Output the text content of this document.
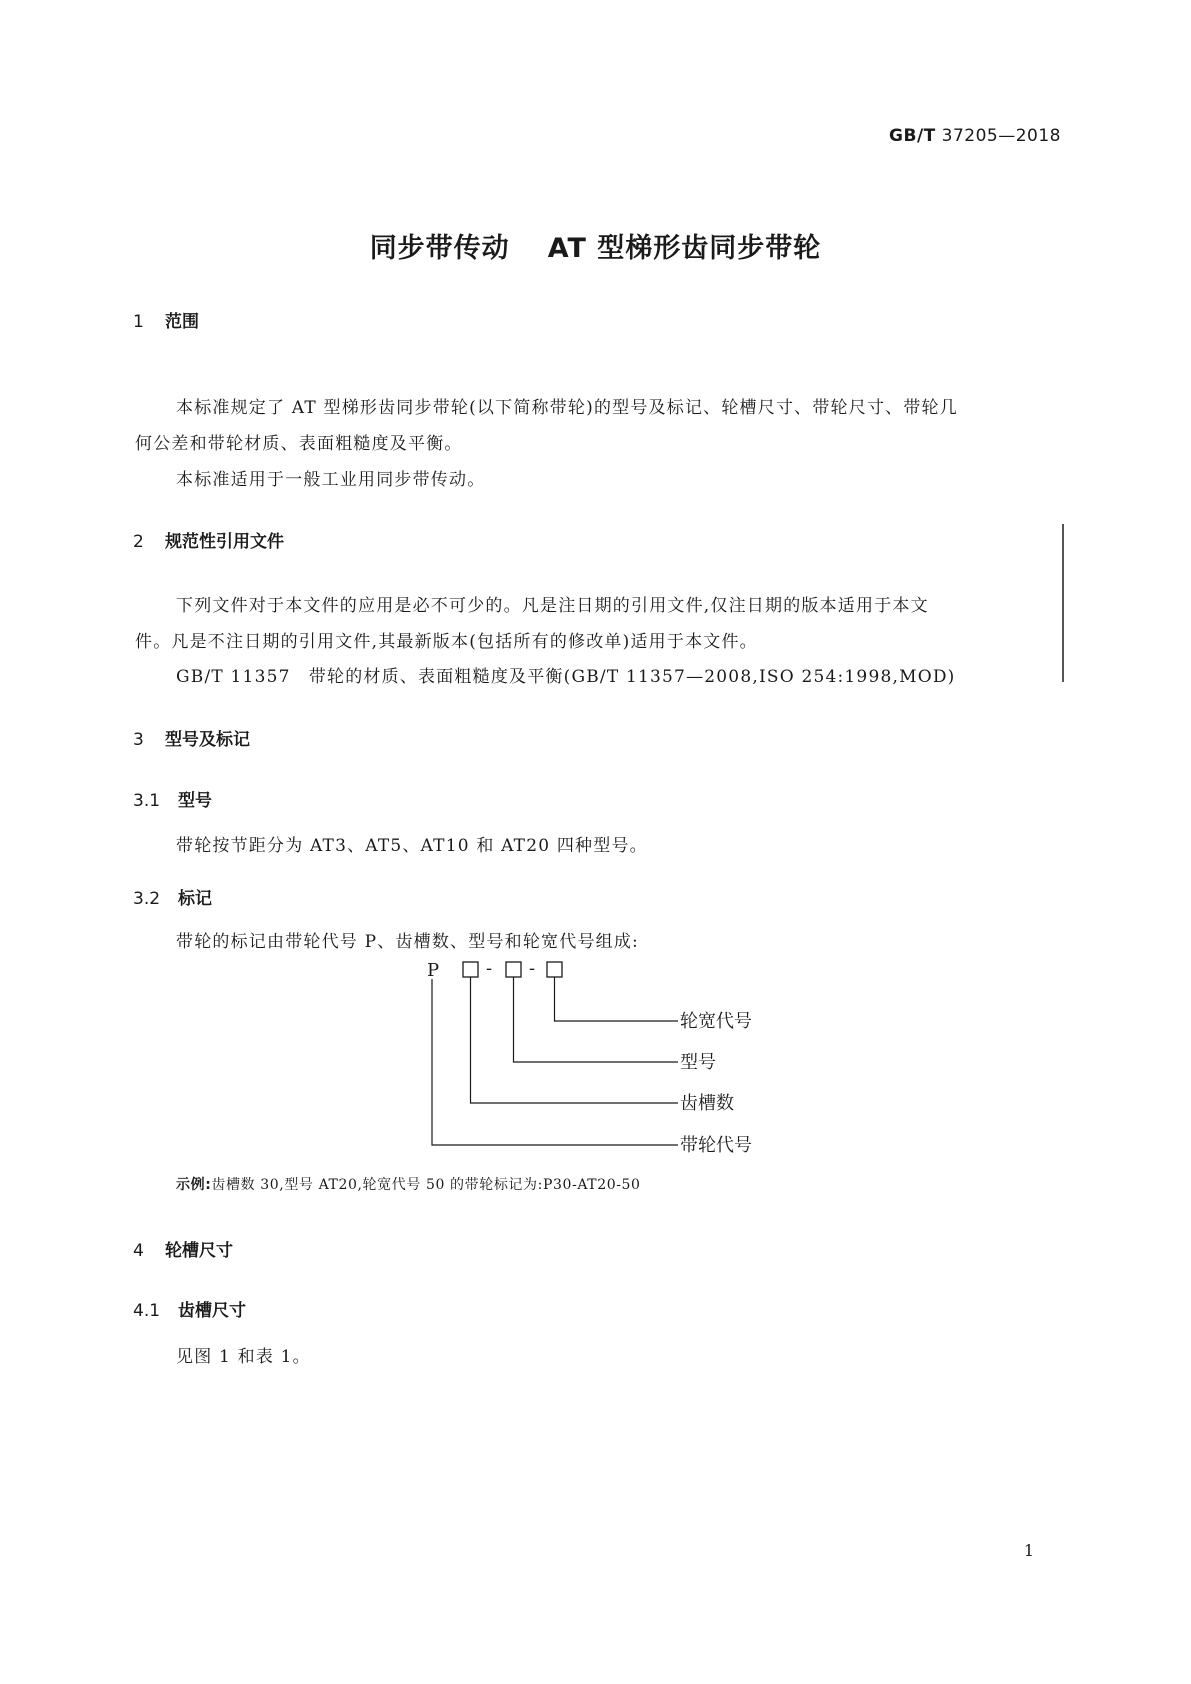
GB/T 37205—2018
同步带传动 AT 型梯形齿同步带轮
1 范围
本标准规定了 AT 型梯形齿同步带轮(以下简称带轮)的型号及标记、轮槽尺寸、带轮尺寸、带轮几
何公差和带轮材质、表面粗糙度及平衡。
本标准适用于一般工业用同步带传动。
2 规范性引用文件
下列文件对于本文件的应用是必不可少的。凡是注日期的引用文件,仅注日期的版本适用于本文
件。凡是不注日期的引用文件,其最新版本(包括所有的修改单)适用于本文件。
GB/T 11357　带轮的材质、表面粗糙度及平衡(GB/T 11357—2008,ISO 254:1998,MOD)
3 型号及标记
3.1 型号
带轮按节距分为 AT3、AT5、AT10 和 AT20 四种型号。
3.2 标记
带轮的标记由带轮代号 P、齿槽数、型号和轮宽代号组成:
P	- -
轮宽代号
型号
齿槽数
带轮代号
示例:齿槽数 30,型号 AT20,轮宽代号 50 的带轮标记为:P30-AT20-50
4 轮槽尺寸
4.1 齿槽尺寸
见图 1 和表 1。
1
